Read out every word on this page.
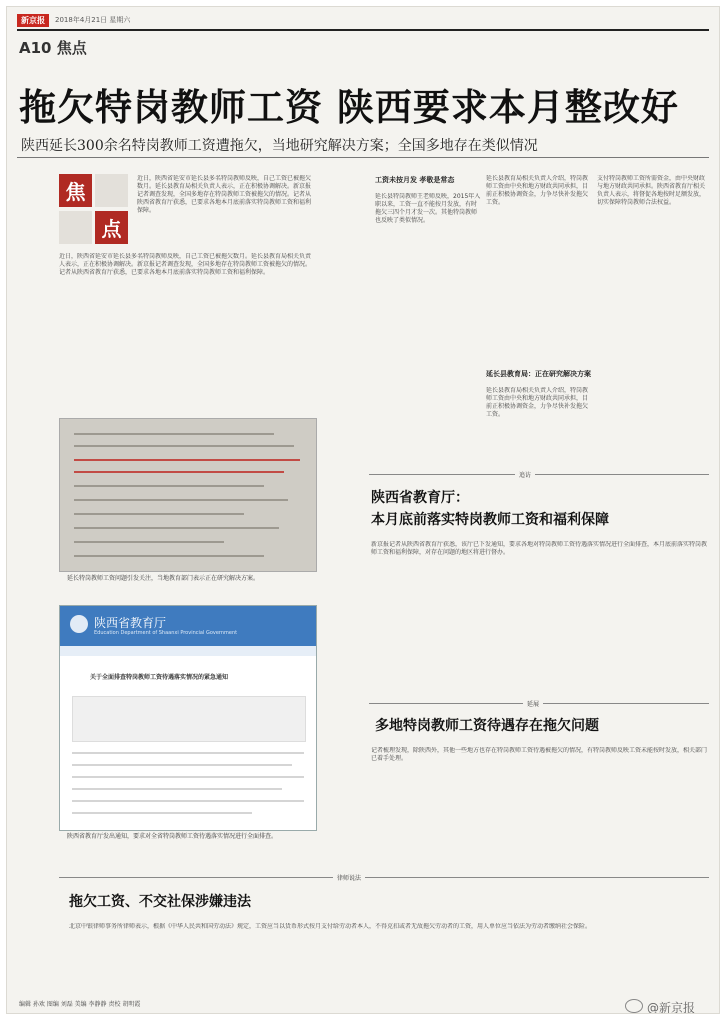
新京报	2018年4月21日 星期六
A10 焦点
拖欠特岗教师工资 陕西要求本月整改好
陕西延长300余名特岗教师工资遭拖欠，当地研究解决方案；全国多地存在类似情况
焦
点
近日，陕西省延安市延长县多名特岗教师反映，自己工资已被拖欠数月。延长县教育局相关负责人表示，正在积极协调解决。新京报记者调查发现，全国多地存在特岗教师工资被拖欠的情况。记者从陕西省教育厅获悉，已要求各地本月底前落实特岗教师工资和福利保障。
近日，陕西省延安市延长县多名特岗教师反映，自己工资已被拖欠数月。延长县教育局相关负责人表示，正在积极协调解决。新京报记者调查发现，全国多地存在特岗教师工资被拖欠的情况。记者从陕西省教育厅获悉，已要求各地本月底前落实特岗教师工资和福利保障。
延长特岗教师工资问题引发关注，当地教育部门表示正在研究解决方案。
陕西省教育厅
Education Department of Shaanxi Provincial Government
关于全面排查特岗教师工资待遇落实情况的紧急通知
陕西省教育厅发出通知，要求对全省特岗教师工资待遇落实情况进行全面排查。
工资未按月发 孝敬是常态
延长县特岗教师王老师反映，2015年入职以来，工资一直不能按月发放，有时拖欠三四个月才发一次。其他特岗教师也反映了类似情况。
延长县教育局相关负责人介绍，特岗教师工资由中央和地方财政共同承担，目前正积极协调资金，力争尽快补发拖欠工资。
延长县教育局：正在研究解决方案
延长县教育局相关负责人介绍，特岗教师工资由中央和地方财政共同承担，目前正积极协调资金，力争尽快补发拖欠工资。
支付特岗教师工资所需资金，由中央财政与地方财政共同承担。陕西省教育厅相关负责人表示，将督促各地按时足额发放，切实保障特岗教师合法权益。
追访
陕西省教育厅：
本月底前落实特岗教师工资和福利保障
新京报记者从陕西省教育厅获悉，该厅已下发通知，要求各地对特岗教师工资待遇落实情况进行全面排查，本月底前落实特岗教师工资和福利保障，对存在问题的地区将进行督办。
延展
多地特岗教师工资待遇存在拖欠问题
记者梳理发现，除陕西外，其他一些地方也存在特岗教师工资待遇被拖欠的情况，有特岗教师反映工资未能按时发放，相关部门已着手处理。
律师说法
拖欠工资、不交社保涉嫌违法
北京中银律师事务所律师表示，根据《中华人民共和国劳动法》规定，工资应当以货币形式按月支付给劳动者本人，不得克扣或者无故拖欠劳动者的工资，用人单位应当依法为劳动者缴纳社会保险。
编辑 孙欢 图编 刘磊 美编 李静静 责校 胡明霞	@新京报
